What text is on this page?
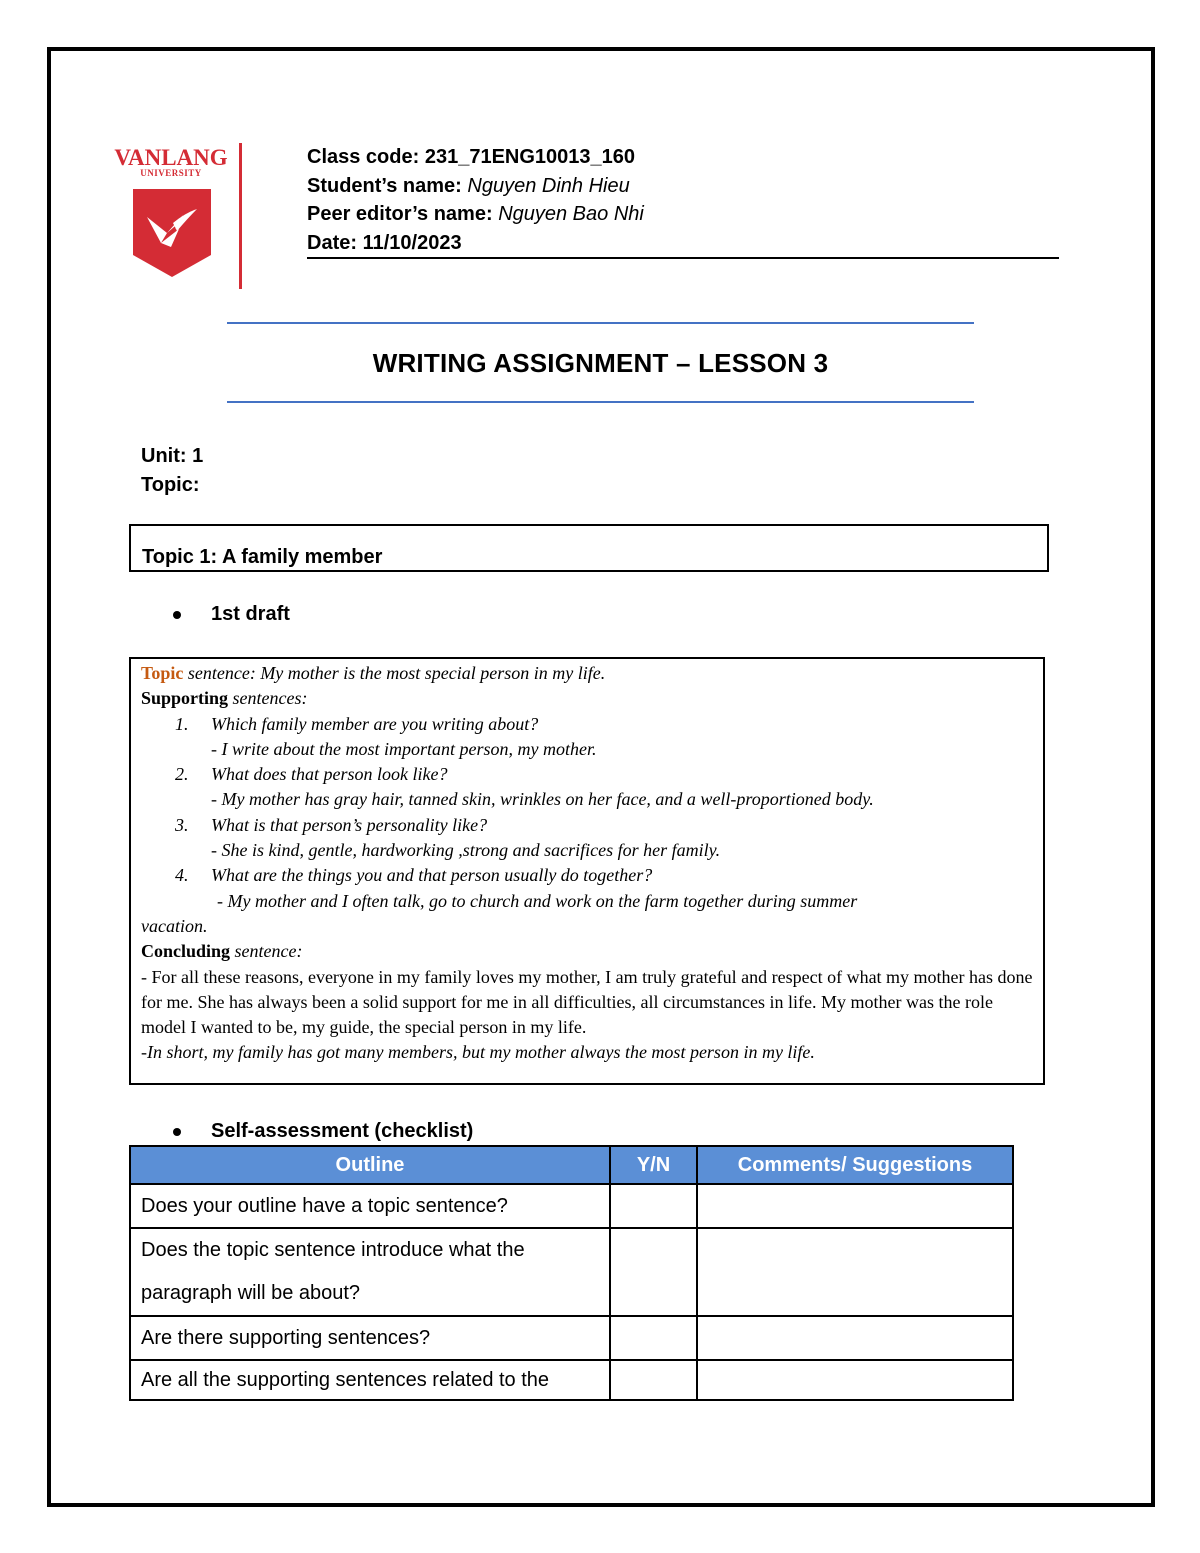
VANLANG
UNIVERSITY
Class code: 231_71ENG10013_160
Student’s name: Nguyen Dinh Hieu
Peer editor’s name: Nguyen Bao Nhi
Date: 11/10/2023
WRITING ASSIGNMENT – LESSON 3
Unit: 1
Topic:
Topic 1: A family member
1st draft
Topic sentence: My mother is the most special person in my life.
Supporting sentences:
1. Which family member are you writing about?
- I write about the most important person, my mother.
2. What does that person look like?
- My mother has gray hair, tanned skin, wrinkles on her face, and a well-proportioned body.
3. What is that person’s personality like?
- She is kind, gentle, hardworking ,strong and sacrifices for her family.
4. What are the things you and that person usually do together?
- My mother and I often talk, go to church and work on the farm together during summer
vacation.
Concluding sentence:
- For all these reasons, everyone in my family loves my mother, I am truly grateful and respect of what my mother has done for me. She has always been a solid support for me in all difficulties, all circumstances in life. My mother was the role model I wanted to be, my guide, the special person in my life.
-In short, my family has got many members, but my mother always the most person in my life.
Self-assessment (checklist)
Outline	Y/N	Comments/ Suggestions
Does your outline have a topic sentence?		
Does the topic sentence introduce what the paragraph will be about?		
Are there supporting sentences?		
Are all the supporting sentences related to the		
